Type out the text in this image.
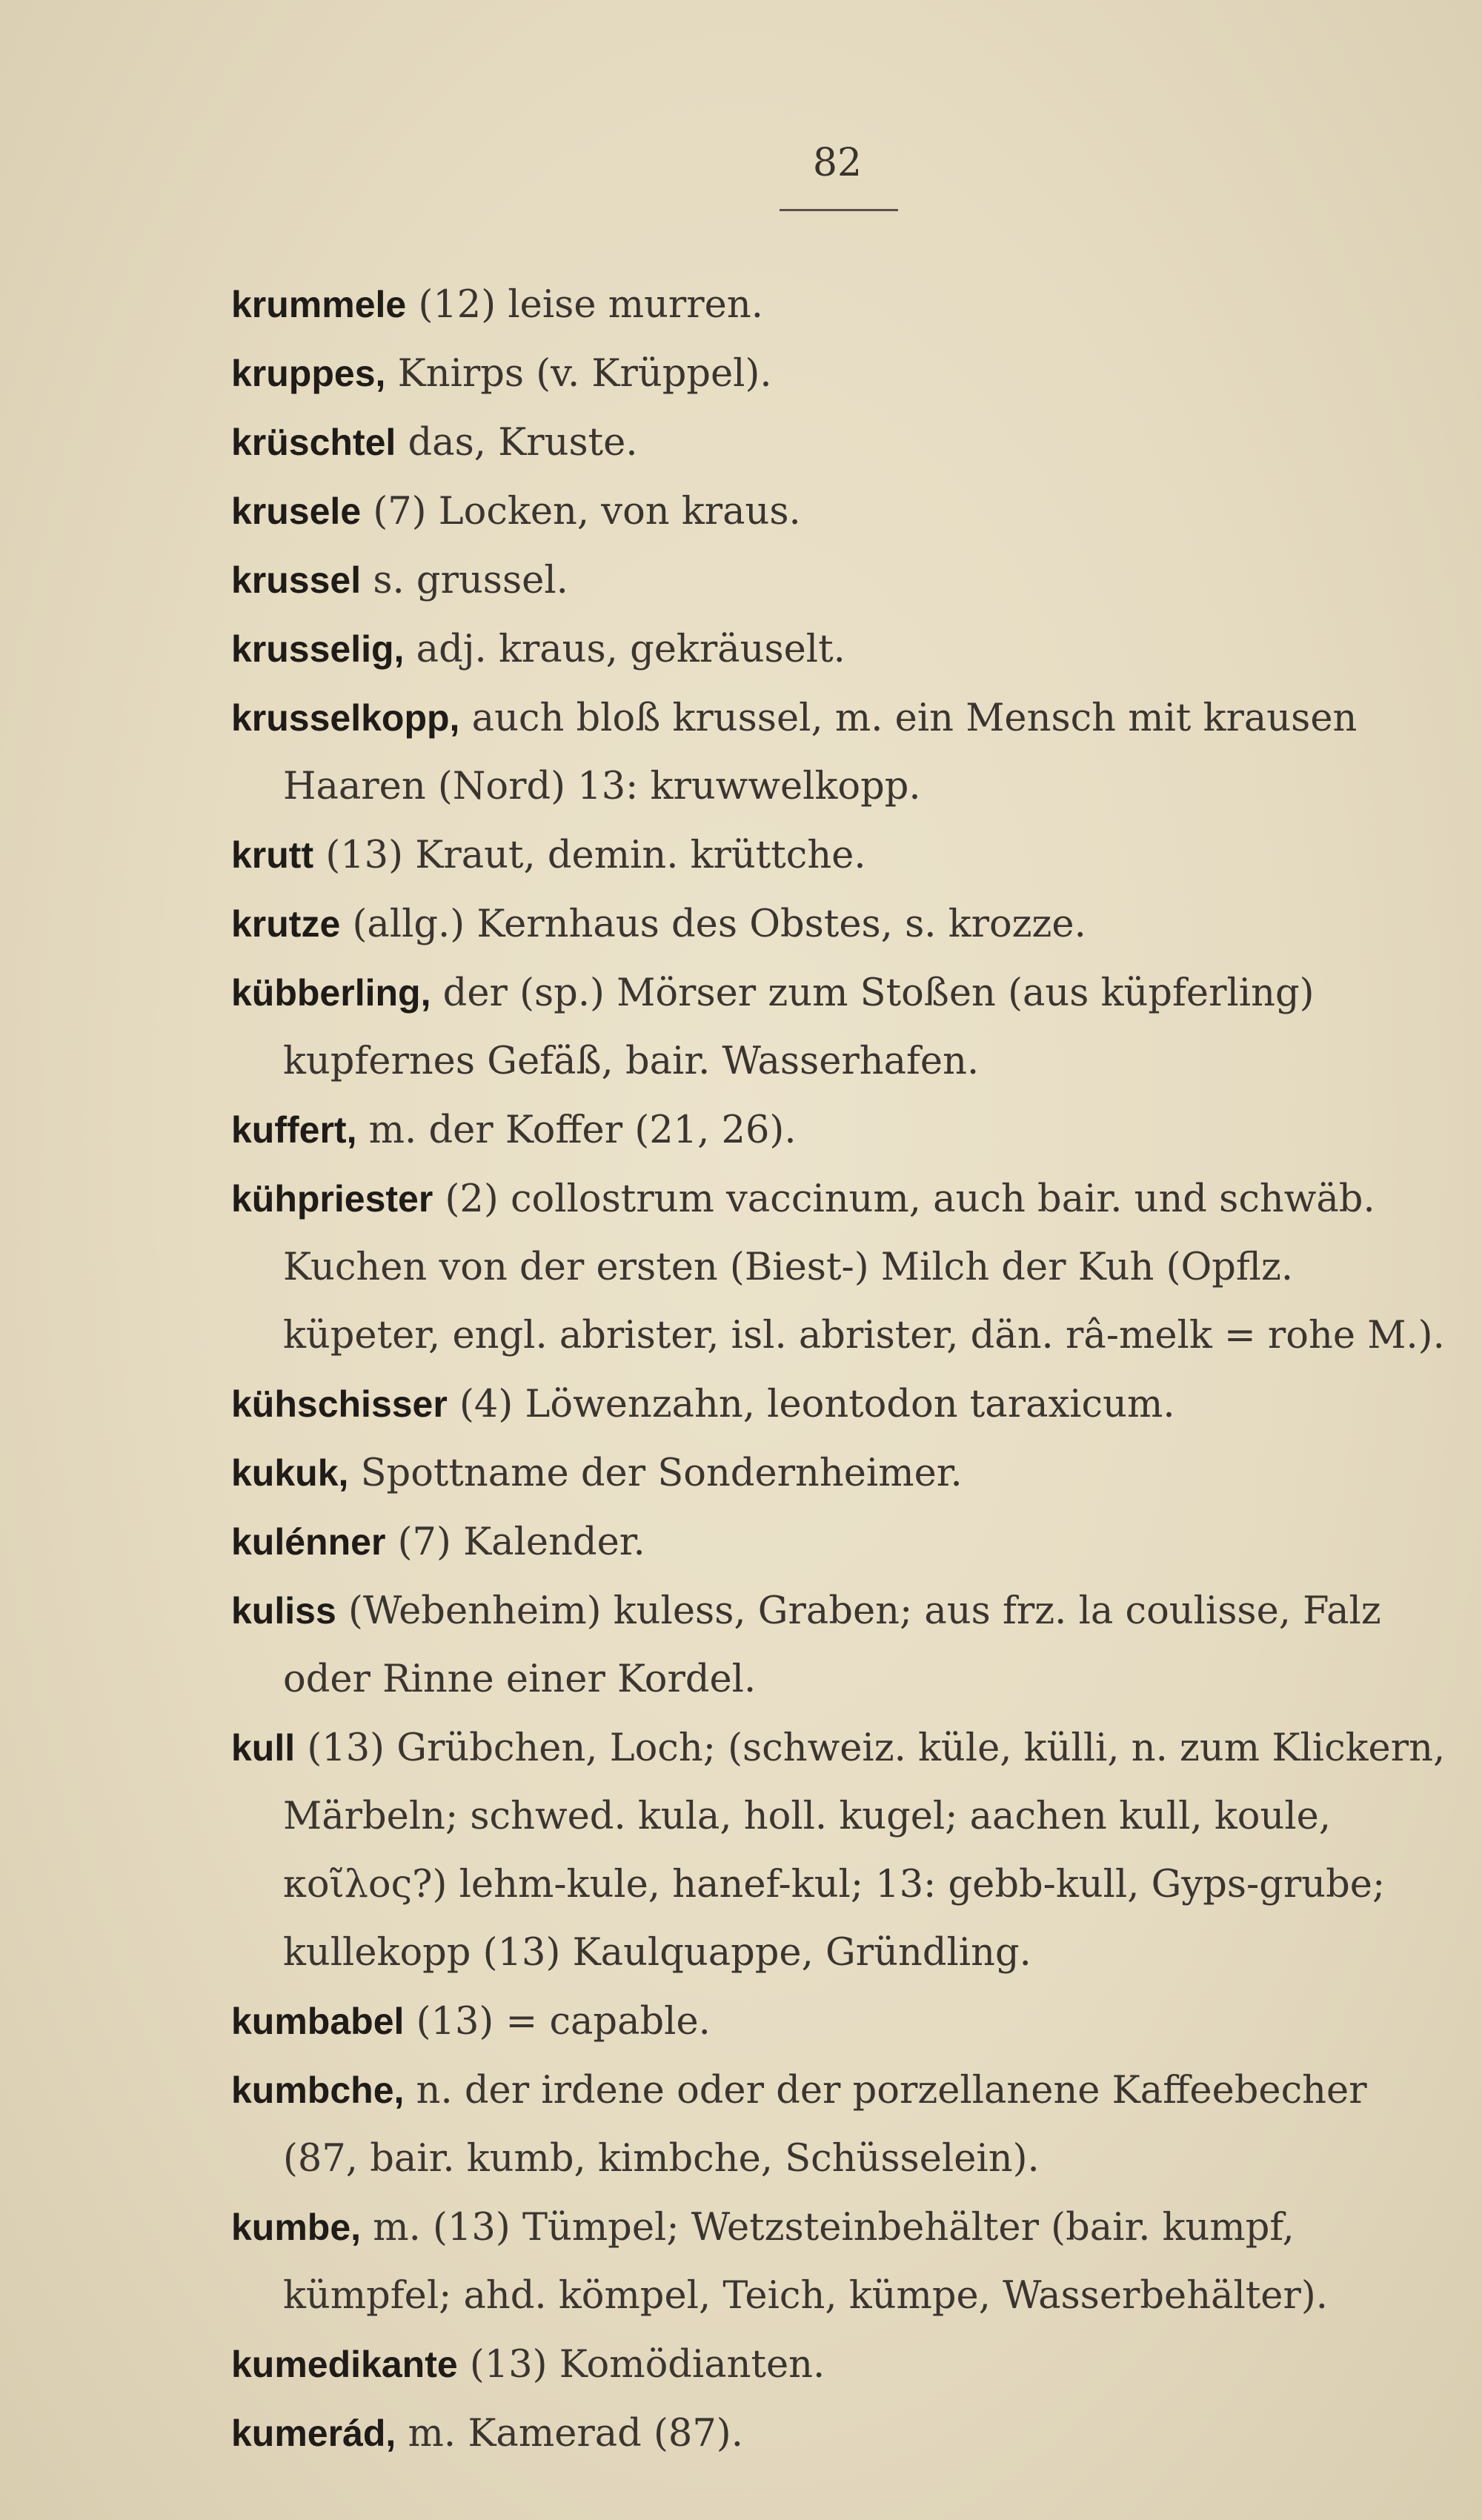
82

krummele (12) leise murren.

kruppes, Knirps (v. Krüppel).

krüschtel das, Kruste.

krusele (7) Locken, von kraus.

krussel s. grussel.

krusselig, adj. kraus, gekräuselt.

krusselkopp, auch bloß krussel, m. ein Mensch mit krausen Haaren (Nord) 13: kruwwelkopp.

krutt (13) Kraut, demin. krüttche.

krutze (allg.) Kernhaus des Obstes, s. krozze.

kübberling, der (sp.) Mörser zum Stoßen (aus küpferling) kupfernes Gefäß, bair. Wasserhafen.

kuffert, m. der Koffer (21, 26).

kühpriester (2) collostrum vaccinum, auch bair. und schwäb. Kuchen von der ersten (Biest-) Milch der Kuh (Opflz. küpeter, engl. abrister, isl. abrister, dän. râ-melk = rohe M.).

kühschisser (4) Löwenzahn, leontodon taraxicum.

kukuk, Spottname der Sondernheimer.

kulénner (7) Kalender.

kuliss (Webenheim) kuless, Graben; aus frz. la coulisse, Falz oder Rinne einer Kordel.

kull (13) Grübchen, Loch; (schweiz. küle, külli, n. zum Klickern, Märbeln; schwed. kula, holl. kugel; aachen kull, koule, κοῖλος?) lehm-kule, hanef-kul; 13: gebb-kull, Gyps-grube; kullekopp (13) Kaulquappe, Gründling.

kumbabel (13) = capable.

kumbche, n. der irdene oder der porzellanene Kaffeebecher (87, bair. kumb, kimbche, Schüsselein).

kumbe, m. (13) Tümpel; Wetzsteinbehälter (bair. kumpf, kümpfel; ahd. kömpel, Teich, kümpe, Wasserbehälter).

kumedikante (13) Komödianten.

kumerád, m. Kamerad (87).
